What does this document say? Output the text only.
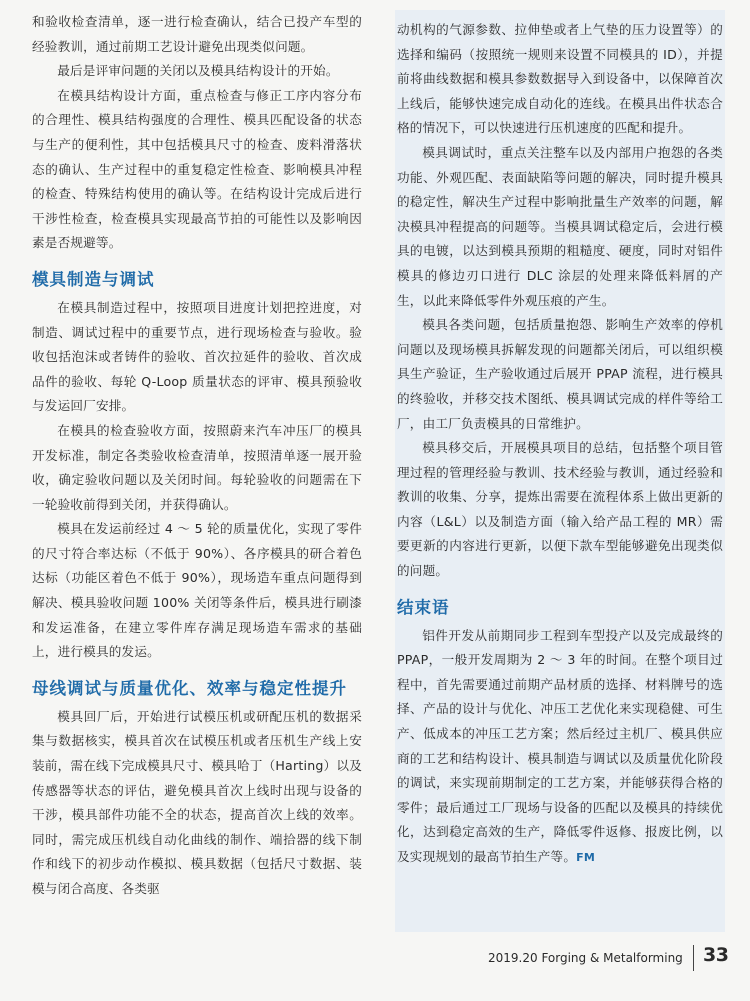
和验收检查清单，逐一进行检查确认，结合已投产车型的经验教训，通过前期工艺设计避免出现类似问题。

最后是评审问题的关闭以及模具结构设计的开始。

在模具结构设计方面，重点检查与修正工序内容分布的合理性、模具结构强度的合理性、模具匹配设备的状态与生产的便利性，其中包括模具尺寸的检查、废料滑落状态的确认、生产过程中的重复稳定性检查、影响模具冲程的检查、特殊结构使用的确认等。在结构设计完成后进行干涉性检查，检查模具实现最高节拍的可能性以及影响因素是否规避等。

模具制造与调试

在模具制造过程中，按照项目进度计划把控进度，对制造、调试过程中的重要节点，进行现场检查与验收。验收包括泡沫或者铸件的验收、首次拉延件的验收、首次成品件的验收、每轮 Q-Loop 质量状态的评审、模具预验收与发运回厂安排。

在模具的检查验收方面，按照蔚来汽车冲压厂的模具开发标准，制定各类验收检查清单，按照清单逐一展开验收，确定验收问题以及关闭时间。每轮验收的问题需在下一轮验收前得到关闭，并获得确认。

模具在发运前经过 4 ～ 5 轮的质量优化，实现了零件的尺寸符合率达标（不低于 90%）、各序模具的研合着色达标（功能区着色不低于 90%），现场造车重点问题得到解决、模具验收问题 100% 关闭等条件后，模具进行刷漆和发运准备，在建立零件库存满足现场造车需求的基础上，进行模具的发运。

母线调试与质量优化、效率与稳定性提升

模具回厂后，开始进行试模压机或研配压机的数据采集与数据核实，模具首次在试模压机或者压机生产线上安装前，需在线下完成模具尺寸、模具哈丁（Harting）以及传感器等状态的评估，避免模具首次上线时出现与设备的干涉，模具部件功能不全的状态，提高首次上线的效率。同时，需完成压机线自动化曲线的制作、端拾器的线下制作和线下的初步动作模拟、模具数据（包括尺寸数据、装模与闭合高度、各类驱

动机构的气源参数、拉伸垫或者上气垫的压力设置等）的选择和编码（按照统一规则来设置不同模具的 ID），并提前将曲线数据和模具参数数据导入到设备中，以保障首次上线后，能够快速完成自动化的连线。在模具出件状态合格的情况下，可以快速进行压机速度的匹配和提升。

模具调试时，重点关注整车以及内部用户抱怨的各类功能、外观匹配、表面缺陷等问题的解决，同时提升模具的稳定性，解决生产过程中影响批量生产效率的问题，解决模具冲程提高的问题等。当模具调试稳定后，会进行模具的电镀，以达到模具预期的粗糙度、硬度，同时对铝件模具的修边刃口进行 DLC 涂层的处理来降低料屑的产生，以此来降低零件外观压痕的产生。

模具各类问题，包括质量抱怨、影响生产效率的停机问题以及现场模具拆解发现的问题都关闭后，可以组织模具生产验证，生产验收通过后展开 PPAP 流程，进行模具的终验收，并移交技术图纸、模具调试完成的样件等给工厂，由工厂负责模具的日常维护。

模具移交后，开展模具项目的总结，包括整个项目管理过程的管理经验与教训、技术经验与教训，通过经验和教训的收集、分享，提炼出需要在流程体系上做出更新的内容（L&L）以及制造方面（输入给产品工程的 MR）需要更新的内容进行更新，以便下款车型能够避免出现类似的问题。

结束语

铝件开发从前期同步工程到车型投产以及完成最终的 PPAP，一般开发周期为 2 ～ 3 年的时间。在整个项目过程中，首先需要通过前期产品材质的选择、材料牌号的选择、产品的设计与优化、冲压工艺优化来实现稳健、可生产、低成本的冲压工艺方案；然后经过主机厂、模具供应商的工艺和结构设计、模具制造与调试以及质量优化阶段的调试，来实现前期制定的工艺方案，并能够获得合格的零件；最后通过工厂现场与设备的匹配以及模具的持续优化，达到稳定高效的生产，降低零件返修、报废比例，以及实现规划的最高节拍生产等。FM

2019.20 Forging & Metalforming 33
